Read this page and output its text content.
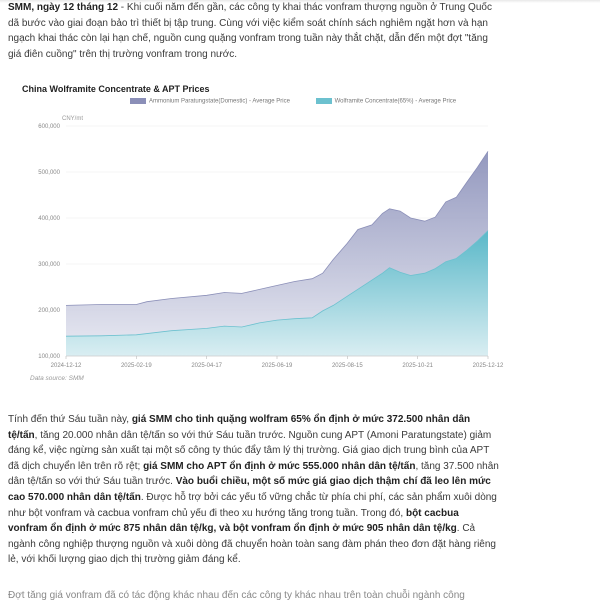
SMM, ngày 12 tháng 12 - Khi cuối năm đến gần, các công ty khai thác vonfram thượng nguồn ở Trung Quốc dã bước vào giai đoạn bảo trì thiết bị tập trung. Cùng với việc kiểm soát chính sách nghiêm ngặt hơn và hạn ngạch khai thác còn lại hạn chế, nguồn cung quặng vonfram trong tuần này thắt chặt, dẫn đến một đợt "tăng giá điên cuồng" trên thị trường vonfram trong nước.

China Wolframite Concentrate & APT Prices
Ammonium Paratungstate(Domestic) - Average Price	Wolframite Concentrate(65%) - Average Price
CNY/mt
100,000
200,000
300,000
400,000
500,000
600,000
2024-12-12	2025-02-19	2025-04-17	2025-06-19	2025-08-15	2025-10-21	2025-12-12
Data source: SMM

Tính đến thứ Sáu tuần này, giá SMM cho tinh quặng wolfram 65% ổn định ở mức 372.500 nhân dân tệ/tấn, tăng 20.000 nhân dân tệ/tấn so với thứ Sáu tuần trước. Nguồn cung APT (Amoni Paratungstate) giảm đáng kể, việc ngừng sản xuất tại một số công ty thúc đẩy tâm lý thị trường. Giá giao dịch trung bình của APT đã dịch chuyển lên trên rõ rệt; giá SMM cho APT ổn định ở mức 555.000 nhân dân tệ/tấn, tăng 37.500 nhân dân tệ/tấn so với thứ Sáu tuần trước. Vào buổi chiều, một số mức giá giao dịch thậm chí đã leo lên mức cao 570.000 nhân dân tệ/tấn. Được hỗ trợ bởi các yếu tố vững chắc từ phía chi phí, các sản phẩm xuôi dòng như bột vonfram và cacbua vonfram chủ yếu đi theo xu hướng tăng trong tuần. Trong đó, bột cacbua vonfram ổn định ở mức 875 nhân dân tệ/kg, và bột vonfram ổn định ở mức 905 nhân dân tệ/kg. Cả ngành công nghiệp thượng nguồn và xuôi dòng đã chuyển hoàn toàn sang đàm phán theo đơn đặt hàng riêng lẻ, với khối lượng giao dịch thị trường giảm đáng kể.

Đợt tăng giá vonfram đã có tác động khác nhau đến các công ty khác nhau trên toàn chuỗi ngành công
